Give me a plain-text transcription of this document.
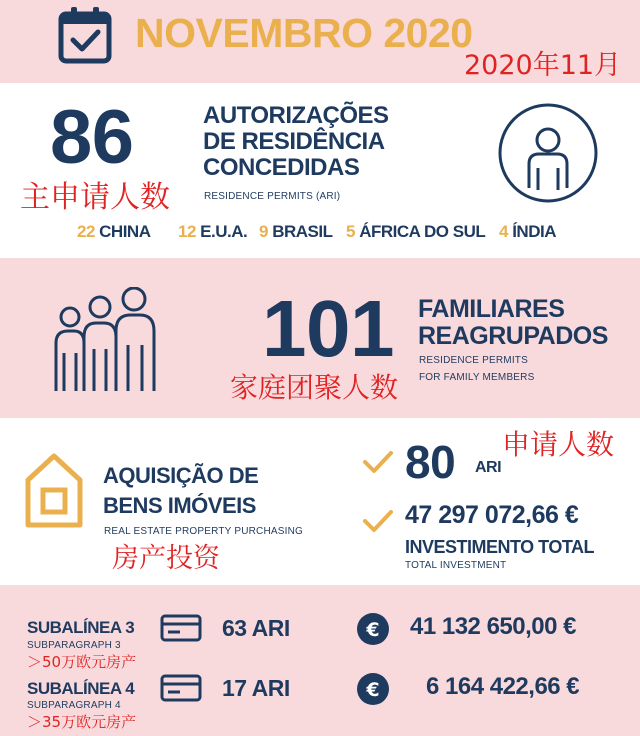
NOVEMBRO 2020
2020年11月
86
主申请人数
AUTORIZAÇÕES
DE RESIDÊNCIA
CONCEDIDAS
RESIDENCE PERMITS (ARI)
22 CHINA 12 E.U.A. 9 BRASIL 5 ÁFRICA DO SUL 4 ÍNDIA
101 FAMILIARES
REAGRUPADOS
RESIDENCE PERMITS
FOR FAMILY MEMBERS
家庭团聚人数
AQUISIÇÃO DE
BENS IMÓVEIS
REAL ESTATE PROPERTY PURCHASING
房产投资
80 ARI
申请人数
47 297 072,66 €
INVESTIMENTO TOTAL
TOTAL INVESTMENT
SUBALÍNEA 3
SUBPARAGRAPH 3
＞50万欧元房产
63 ARI	€ 41 132 650,00 €
SUBALÍNEA 4
SUBPARAGRAPH 4
＞35万欧元房产
17 ARI	€ 6 164 422,66 €
